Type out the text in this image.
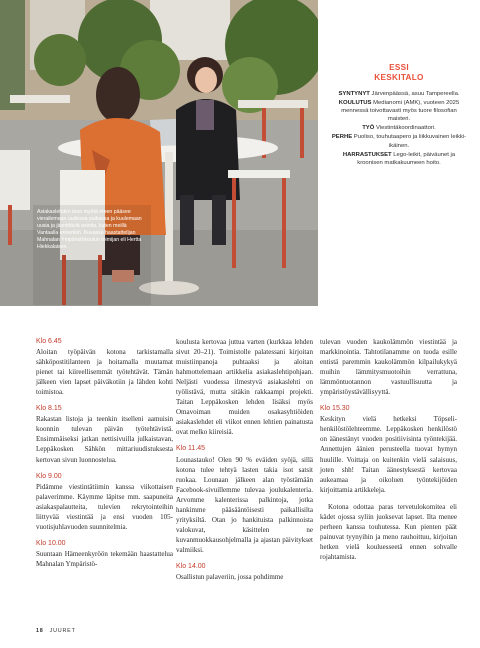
Asiakaslehden teon myötä eteen pääsee vierailemaan uudessa paikassa ja kuulemaan uusia ja jännittäviä asioita, kuten meillä Vantaalla ennenkin. Kuvassa haastattelijan Mahnalan Ympäristökoulun toimijan eli Hertta Hiekkalaisen.
ESSI
KESKITALO
SYNTYNYT Järvenpäässä, asuu Tampereella.
KOULUTUS Medianomi (AMK), vuoteen 2025 mennessä toivottavasti myös tuore filosofian maisteri.
TYÖ Viestintäkoordinaattori.
PERHE Puoliso, touhutaapero ja liikkuvainen leikki-ikäinen.
HARRASTUKSET Lego-leikit, päiväunet ja kroonisen matkakuumeen hoito.
Klo 6.45

Aloitan työpäivän kotona tarkistamalla sähköpostitilanteen ja hoitamalla muutamat pienet tai kiireellisemmät työtehtävät. Tämän jälkeen vien lapset päiväkotiin ja lähden kohti toimistoa.

Klo 8.15

Rakastan listoja ja teenkin itselleni aamuisin koonnin tulevan päivän työtehtävistä. Ensimmäiseksi jatkan nettisivuilla julkaistavan, Leppäkosken Sähkön mittariuudistuksesta kertovan sivun luonnostelua.

Klo 9.00

Pidämme viestintätiimin kanssa viikottaisen palaverimme. Käymme läpitse mm. saapuneita asiakaspalautteita, tulevien rekrytointeihin liittyvää viestintää ja ensi vuoden 105-vuotisjuhlavuoden suunnitelmia.

Klo 10.00

Suuntaan Hämeenkyröön tekemään haastattelua Mahnalan Ympäristö-

koulusta kertovaa juttua varten (kurkkaa lehden sivut 20–21). Toimistolle palatessani kirjoitan muistiinpanoja puhtaaksi ja aloitan hahmottelemaan artikkelia asiakaslehtipohjaan. Neljästi vuodessa ilmestyvä asiakaslehti on työlistävä, mutta sitäkin rakkaampi projekti. Taitan Leppäkosken lehden lisäksi myös Omavoiman muiden osakasyhtiöiden asiakaslehdet eli viikot ennen lehtien painatusta ovat melko kiireisiä.

Klo 11.45

Lounastauko! Olen 90 % eväiden syöjä, sillä kotona tulee tehtyä lasten takia isot satsit ruokaa. Lounaan jälkeen alan työstämään Facebook-sivuillemme tulevaa joulukalenteria. Arvomme kalenterissa palkintoja, jotka hankimme pääsääntöisesti paikallisilta yrityksiltä. Otan jo hankituista palkinnoista valokuvat, käsittelen ne kuvanmuokkausohjelmalla ja ajastan päivitykset valmiiksi.

Klo 14.00

Osallistun palaveriin, jossa pohdimme

tulevan vuoden kaukolämmön viestintää ja markkinointia. Tahtotilanamme on tuoda esille entistä paremmin kaukolämmön kilpailukykyä muihin lämmitysmuotoihin verrattuna, lämmöntuotannon vastuullisuutta ja ympäristöystävällisyyttä.

Klo 15.30

Keskityn vielä hetkeksi Töpseli-henkilöstölehteemme. Leppäkosken henkilöstö on äänestänyt vuoden positiivisinta työntekijää. Annettujen äänien perusteella tuovat hymyn huulille. Voittaja on kuitenkin vielä salaisuus, joten shh! Taitan äänestyksestä kertovaa aukeamaa ja oikoluen työntekijöiden kirjoittamia artikkeleja.

Kotona odottaa paras tervetulokomitea eli kädet ojossa syliin juoksevat lapset. Ilta menee perheen kanssa touhutessa. Kun pienten päät painuvat tyynyihin ja meno rauhoittuu, kirjoitan hetken vielä kouluesseetä ennen sohvalle rojahtamista.

18 JUURET
